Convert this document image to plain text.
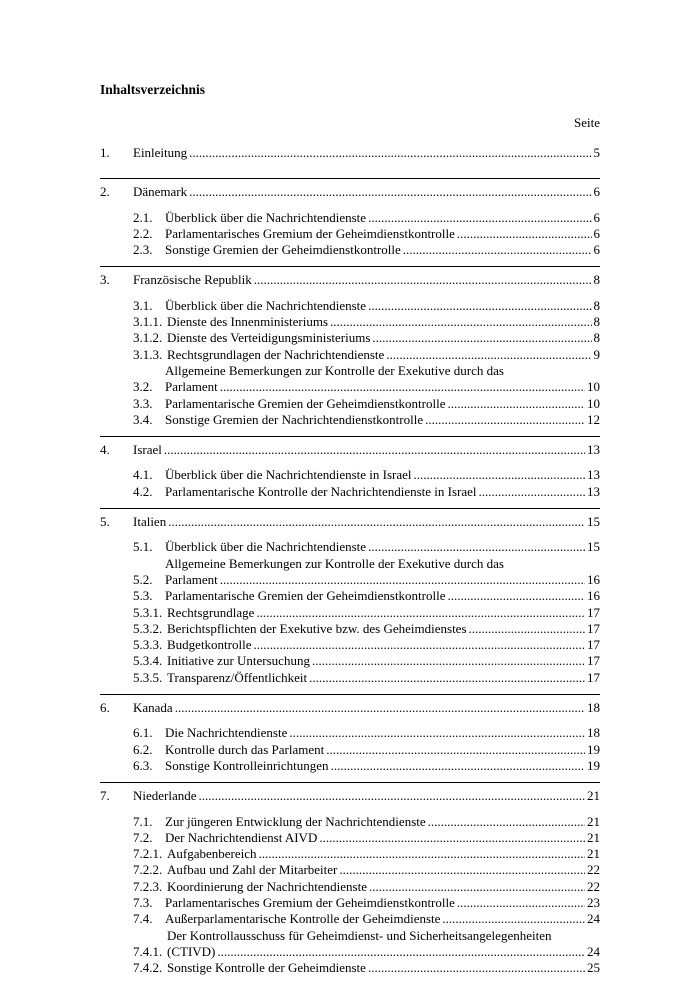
Inhaltsverzeichnis
Seite
1.	Einleitung .....	5
2.	Dänemark .....	6
2.1. Überblick über die Nachrichtendienste .....	6
2.2. Parlamentarisches Gremium der Geheimdienstkontrolle .....	6
2.3. Sonstige Gremien der Geheimdienstkontrolle .....	6
3.	Französische Republik .....	8
3.1. Überblick über die Nachrichtendienste .....	8
3.1.1. Dienste des Innenministeriums .....	8
3.1.2. Dienste des Verteidigungsministeriums .....	8
3.1.3. Rechtsgrundlagen der Nachrichtendienste .....	9
3.2.
Allgemeine Bemerkungen zur Kontrolle der Exekutive durch das
Parlament .....	10
3.3. Parlamentarische Gremien der Geheimdienstkontrolle .....	10
3.4. Sonstige Gremien der Nachrichtendienstkontrolle .....	12
4.	Israel .....	13
4.1. Überblick über die Nachrichtendienste in Israel .....	13
4.2. Parlamentarische Kontrolle der Nachrichtendienste in Israel .....	13
5.	Italien .....	15
5.1. Überblick über die Nachrichtendienste .....	15
5.2.
Allgemeine Bemerkungen zur Kontrolle der Exekutive durch das
Parlament .....	16
5.3. Parlamentarische Gremien der Geheimdienstkontrolle .....	16
5.3.1. Rechtsgrundlage .....	17
5.3.2. Berichtspflichten der Exekutive bzw. des Geheimdienstes .....	17
5.3.3. Budgetkontrolle .....	17
5.3.4. Initiative zur Untersuchung .....	17
5.3.5. Transparenz/Öffentlichkeit .....	17
6.	Kanada .....	18
6.1. Die Nachrichtendienste .....	18
6.2. Kontrolle durch das Parlament .....	19
6.3. Sonstige Kontrolleinrichtungen .....	19
7.	Niederlande .....	21
7.1. Zur jüngeren Entwicklung der Nachrichtendienste .....	21
7.2. Der Nachrichtendienst AIVD .....	21
7.2.1. Aufgabenbereich .....	21
7.2.2. Aufbau und Zahl der Mitarbeiter .....	22
7.2.3. Koordinierung der Nachrichtendienste .....	22
7.3. Parlamentarisches Gremium der Geheimdienstkontrolle .....	23
7.4. Außerparlamentarische Kontrolle der Geheimdienste .....	24
7.4.1.
Der Kontrollausschuss für Geheimdienst- und Sicherheitsangelegenheiten
(CTIVD) .....	24
7.4.2. Sonstige Kontrolle der Geheimdienste .....	25
